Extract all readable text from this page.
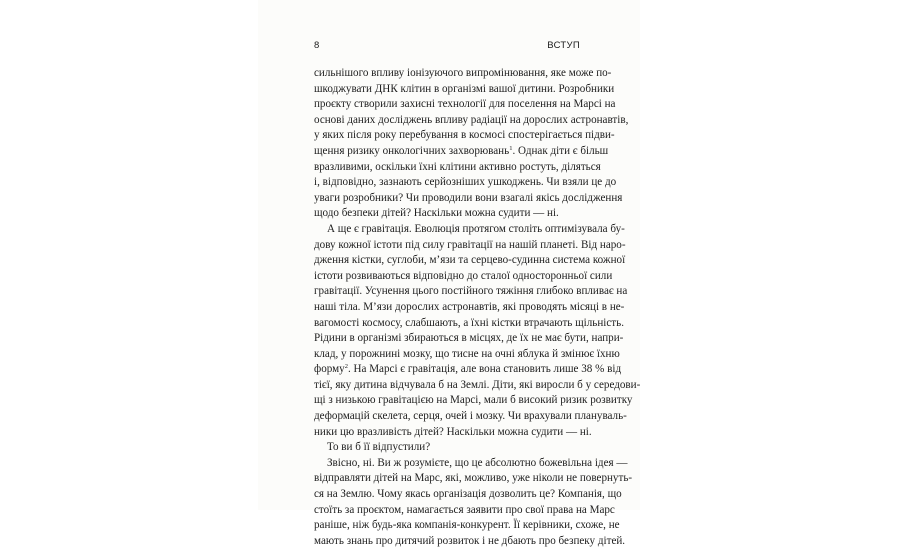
8	ВСТУП
сильнішого впливу іонізуючого випромінювання, яке може по-
шкоджувати ДНК клітин в організмі вашої дитини. Розробники
проєкту створили захисні технології для поселення на Марсі на
основі даних досліджень впливу радіації на дорослих астронавтів,
у яких після року перебування в космосі спостерігається підви-
щення ризику онкологічних захворювань$^1$. Однак діти є більш
вразливими, оскільки їхні клітини активно ростуть, діляться
і, відповідно, зазнають серйозніших ушкоджень. Чи взяли це до
уваги розробники? Чи проводили вони взагалі якісь дослідження
щодо безпеки дітей? Наскільки можна судити — ні.
А ще є гравітація. Еволюція протягом століть оптимізувала бу-
дову кожної істоти під силу гравітації на нашій планеті. Від наро-
дження кістки, суглоби, м’язи та серцево-судинна система кожної
істоти розвиваються відповідно до сталої односторонньої сили
гравітації. Усунення цього постійного тяжіння глибоко впливає на
наші тіла. М’язи дорослих астронавтів, які проводять місяці в не-
вагомості космосу, слабшають, а їхні кістки втрачають щільність.
Рідини в організмі збираються в місцях, де їх не має бути, напри-
клад, у порожнині мозку, що тисне на очні яблука й змінює їхню
форму$^2$. На Марсі є гравітація, але вона становить лише 38 % від
тієї, яку дитина відчувала б на Землі. Діти, які виросли б у середови-
щі з низькою гравітацією на Марсі, мали б високий ризик розвитку
деформацій скелета, серця, очей і мозку. Чи врахували плануваль-
ники цю вразливість дітей? Наскільки можна судити — ні.
То ви б її відпустили?
Звісно, ні. Ви ж розумієте, що це абсолютно божевільна ідея —
відправляти дітей на Марс, які, можливо, уже ніколи не повернуть-
ся на Землю. Чому якась організація дозволить це? Компанія, що
стоїть за проєктом, намагається заявити про свої права на Марс
раніше, ніж будь-яка компанія-конкурент. Її керівники, схоже, не
мають знань про дитячий розвиток і не дбають про безпеку дітей.
